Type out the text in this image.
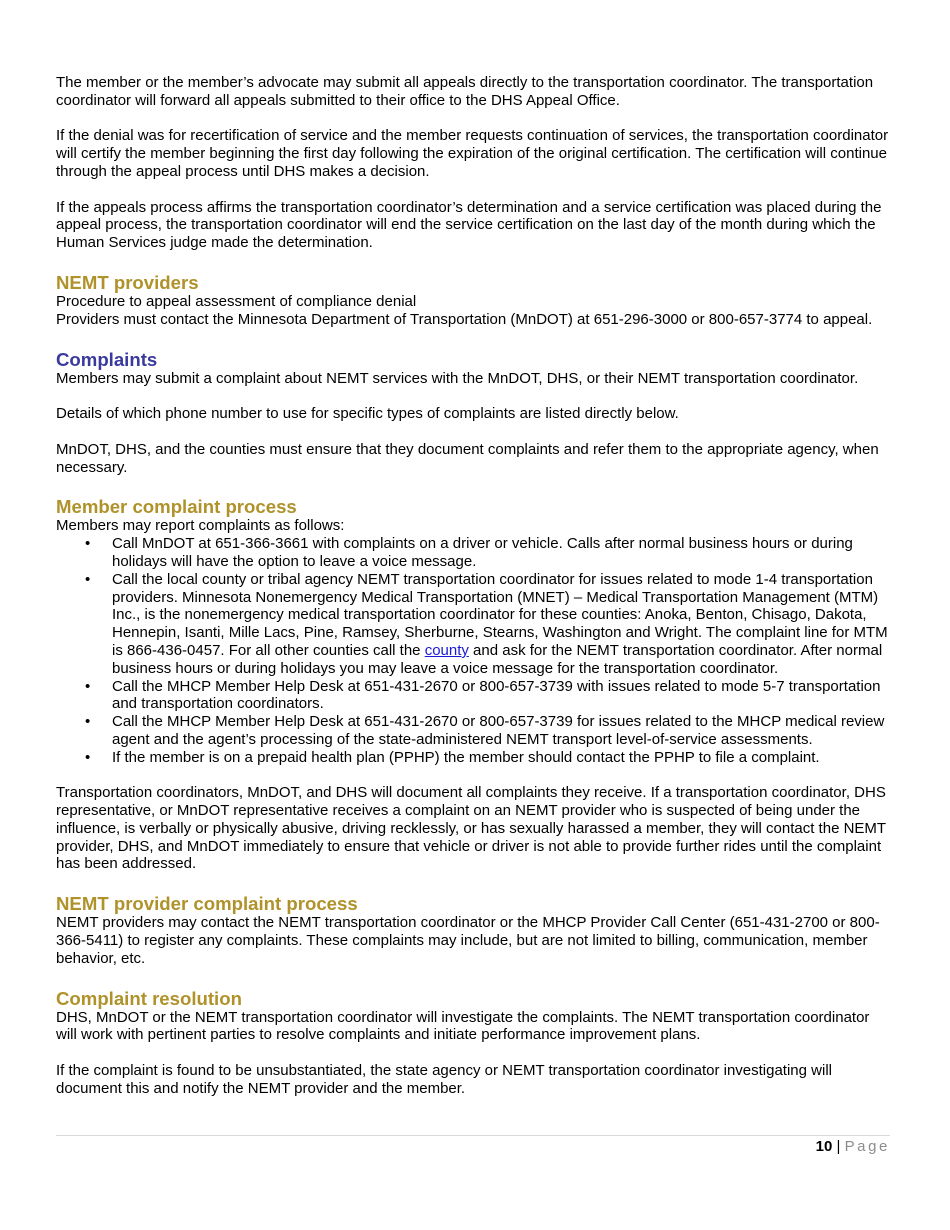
The member or the member’s advocate may submit all appeals directly to the transportation coordinator. The transportation coordinator will forward all appeals submitted to their office to the DHS Appeal Office.

If the denial was for recertification of service and the member requests continuation of services, the transportation coordinator will certify the member beginning the first day following the expiration of the original certification. The certification will continue through the appeal process until DHS makes a decision.

If the appeals process affirms the transportation coordinator’s determination and a service certification was placed during the appeal process, the transportation coordinator will end the service certification on the last day of the month during which the Human Services judge made the determination.

NEMT providers

Procedure to appeal assessment of compliance denial

Providers must contact the Minnesota Department of Transportation (MnDOT) at 651-296-3000 or 800-657-3774 to appeal.

Complaints

Members may submit a complaint about NEMT services with the MnDOT, DHS, or their NEMT transportation coordinator.

Details of which phone number to use for specific types of complaints are listed directly below.

MnDOT, DHS, and the counties must ensure that they document complaints and refer them to the appropriate agency, when necessary.

Member complaint process

Members may report complaints as follows:

• Call MnDOT at 651-366-3661 with complaints on a driver or vehicle. Calls after normal business hours or during holidays will have the option to leave a voice message.
• Call the local county or tribal agency NEMT transportation coordinator for issues related to mode 1-4 transportation providers. Minnesota Nonemergency Medical Transportation (MNET) – Medical Transportation Management (MTM) Inc., is the nonemergency medical transportation coordinator for these counties: Anoka, Benton, Chisago, Dakota, Hennepin, Isanti, Mille Lacs, Pine, Ramsey, Sherburne, Stearns, Washington and Wright. The complaint line for MTM is 866-436-0457. For all other counties call the county and ask for the NEMT transportation coordinator. After normal business hours or during holidays you may leave a voice message for the transportation coordinator.
• Call the MHCP Member Help Desk at 651-431-2670 or 800-657-3739 with issues related to mode 5-7 transportation and transportation coordinators.
• Call the MHCP Member Help Desk at 651-431-2670 or 800-657-3739 for issues related to the MHCP medical review agent and the agent’s processing of the state-administered NEMT transport level-of-service assessments.
• If the member is on a prepaid health plan (PPHP) the member should contact the PPHP to file a complaint.

Transportation coordinators, MnDOT, and DHS will document all complaints they receive. If a transportation coordinator, DHS representative, or MnDOT representative receives a complaint on an NEMT provider who is suspected of being under the influence, is verbally or physically abusive, driving recklessly, or has sexually harassed a member, they will contact the NEMT provider, DHS, and MnDOT immediately to ensure that vehicle or driver is not able to provide further rides until the complaint has been addressed.

NEMT provider complaint process

NEMT providers may contact the NEMT transportation coordinator or the MHCP Provider Call Center (651-431-2700 or 800-366-5411) to register any complaints. These complaints may include, but are not limited to billing, communication, member behavior, etc.

Complaint resolution

DHS, MnDOT or the NEMT transportation coordinator will investigate the complaints. The NEMT transportation coordinator will work with pertinent parties to resolve complaints and initiate performance improvement plans.

If the complaint is found to be unsubstantiated, the state agency or NEMT transportation coordinator investigating will document this and notify the NEMT provider and the member.

10 | Page
